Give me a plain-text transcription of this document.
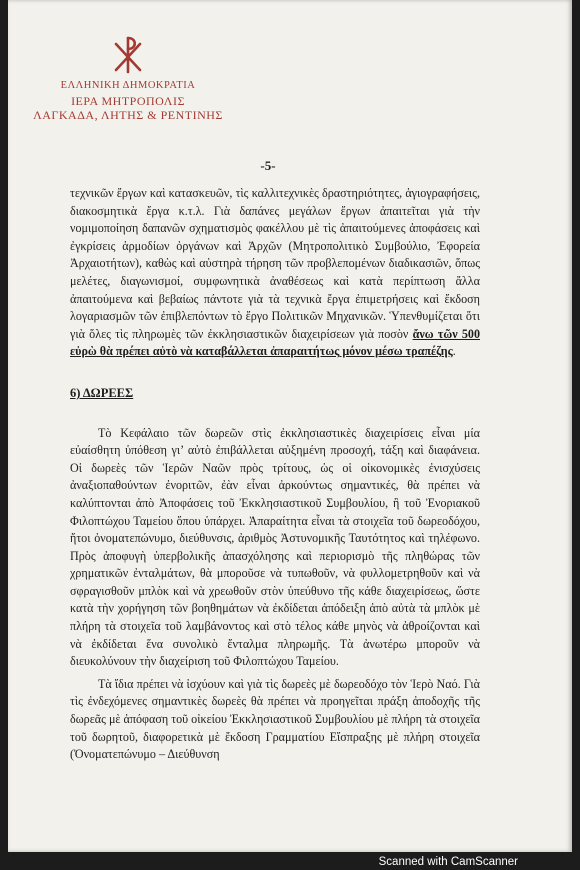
ΕΛΛΗΝΙΚΗ ΔΗΜΟΚΡΑΤΙΑ
ΙΕΡΑ ΜΗΤΡΟΠΟΛΙΣ
ΛΑΓΚΑΔΑ, ΛΗΤΗΣ & ΡΕΝΤΙΝΗΣ
-5-

τεχνικῶν ἔργων καὶ κατασκευῶν, τὶς καλλιτεχνικὲς δραστηριότητες, ἁγιογραφήσεις, διακοσμητικὰ ἔργα κ.τ.λ. Γιὰ δαπάνες μεγάλων ἔργων ἀπαιτεῖται γιὰ τὴν νομιμοποίηση δαπανῶν σχηματισμὸς φακέλλου μὲ τὶς ἀπαιτούμενες ἀποφάσεις καὶ ἐγκρίσεις ἁρμοδίων ὀργάνων καὶ Ἀρχῶν (Μητροπολιτικὸ Συμβούλιο, Ἐφορεία Ἀρχαιοτήτων), καθὼς καὶ αὐστηρὰ τήρηση τῶν προβλεπομένων διαδικασιῶν, ὅπως μελέτες, διαγωνισμοί, συμφωνητικὰ ἀναθέσεως καὶ κατὰ περίπτωση ἄλλα ἀπαιτούμενα καὶ βεβαίως πάντοτε γιὰ τὰ τεχνικὰ ἔργα ἐπιμετρήσεις καὶ ἔκδοση λογαριασμῶν τῶν ἐπιβλεπόντων τὸ ἔργο Πολιτικῶν Μηχανικῶν. Ὑπενθυμίζεται ὅτι γιὰ ὅλες τὶς πληρωμὲς τῶν ἐκκλησιαστικῶν διαχειρίσεων γιὰ ποσὸν ἄνω τῶν 500 εὐρὼ θὰ πρέπει αὐτὸ νὰ καταβάλλεται ἀπαραιτήτως μόνον μέσω τραπέζης.

6) ΔΩΡΕΕΣ

Τὸ Κεφάλαιο τῶν δωρεῶν στὶς ἐκκλησιαστικὲς διαχειρίσεις εἶναι μία εὐαίσθητη ὑπόθεση γι’ αὐτὸ ἐπιβάλλεται αὐξημένη προσοχή, τάξη καὶ διαφάνεια. Οἱ δωρεὲς τῶν Ἱερῶν Ναῶν πρὸς τρίτους, ὡς οἱ οἰκονομικὲς ἐνισχύσεις ἀναξιοπαθούντων ἐνοριτῶν, ἐὰν εἶναι ἀρκούντως σημαντικές, θὰ πρέπει νὰ καλύπτονται ἀπὸ Ἀποφάσεις τοῦ Ἐκκλησιαστικοῦ Συμβουλίου, ἢ τοῦ Ἐνοριακοῦ Φιλοπτώχου Ταμείου ὅπου ὑπάρχει. Ἀπαραίτητα εἶναι τὰ στοιχεῖα τοῦ δωρεοδόχου, ἤτοι ὀνοματεπώνυμο, διεύθυνσις, ἀριθμὸς Ἀστυνομικῆς Ταυτότητος καὶ τηλέφωνο. Πρὸς ἀποφυγὴ ὑπερβολικῆς ἀπασχόλησης καὶ περιορισμὸ τῆς πληθώρας τῶν χρηματικῶν ἐνταλμάτων, θὰ μποροῦσε νὰ τυπωθοῦν, νὰ φυλλομετρηθοῦν καὶ νὰ σφραγισθοῦν μπλὸκ καὶ νὰ χρεωθοῦν στὸν ὑπεύθυνο τῆς κάθε διαχειρίσεως, ὥστε κατὰ τὴν χορήγηση τῶν βοηθημάτων νὰ ἐκδίδεται ἀπόδειξη ἀπὸ αὐτὰ τὰ μπλὸκ μὲ πλήρη τὰ στοιχεῖα τοῦ λαμβάνοντος καὶ στὸ τέλος κάθε μηνὸς νὰ ἀθροίζονται καὶ νὰ ἐκδίδεται ἕνα συνολικὸ ἔνταλμα πληρωμῆς. Τὰ ἀνωτέρω μποροῦν νὰ διευκολύνουν τὴν διαχείριση τοῦ Φιλοπτώχου Ταμείου.

Τὰ ἴδια πρέπει νὰ ἰσχύουν καὶ γιὰ τὶς δωρεὲς μὲ δωρεοδόχο τὸν Ἱερὸ Ναό. Γιὰ τὶς ἐνδεχόμενες σημαντικὲς δωρεὲς θὰ πρέπει νὰ προηγεῖται πράξη ἀποδοχῆς τῆς δωρεᾶς μὲ ἀπόφαση τοῦ οἰκείου Ἐκκλησιαστικοῦ Συμβουλίου μὲ πλήρη τὰ στοιχεῖα τοῦ δωρητοῦ, διαφορετικὰ μὲ ἔκδοση Γραμματίου Εἴσπραξης μὲ πλήρη στοιχεῖα (Ὀνοματεπώνυμο – Διεύθυνση

Scanned with CamScanner
